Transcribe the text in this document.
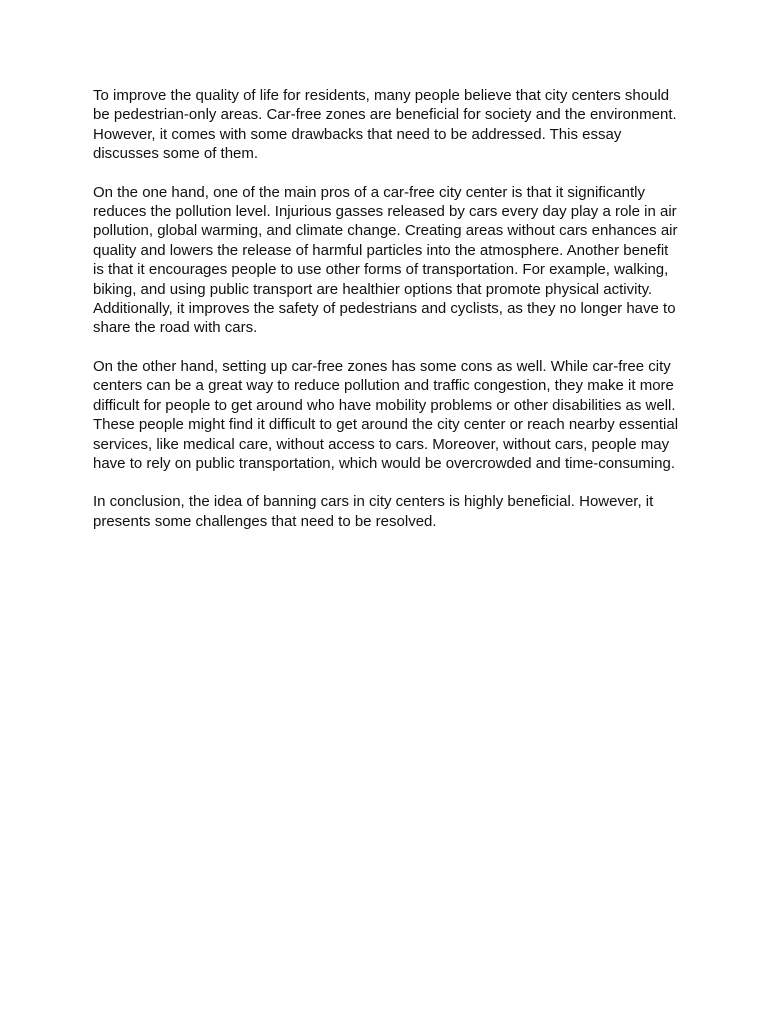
To improve the quality of life for residents, many people believe that city centers should be pedestrian-only areas. Car-free zones are beneficial for society and the environment. However, it comes with some drawbacks that need to be addressed. This essay discusses some of them.

On the one hand, one of the main pros of a car-free city center is that it significantly reduces the pollution level. Injurious gasses released by cars every day play a role in air pollution, global warming, and climate change. Creating areas without cars enhances air quality and lowers the release of harmful particles into the atmosphere. Another benefit is that it encourages people to use other forms of transportation. For example, walking, biking, and using public transport are healthier options that promote physical activity. Additionally, it improves the safety of pedestrians and cyclists, as they no longer have to share the road with cars.

On the other hand, setting up car-free zones has some cons as well. While car-free city centers can be a great way to reduce pollution and traffic congestion, they make it more difficult for people to get around who have mobility problems or other disabilities as well. These people might find it difficult to get around the city center or reach nearby essential services, like medical care, without access to cars. Moreover, without cars, people may have to rely on public transportation, which would be overcrowded and time-consuming.

In conclusion, the idea of banning cars in city centers is highly beneficial. However, it presents some challenges that need to be resolved.
